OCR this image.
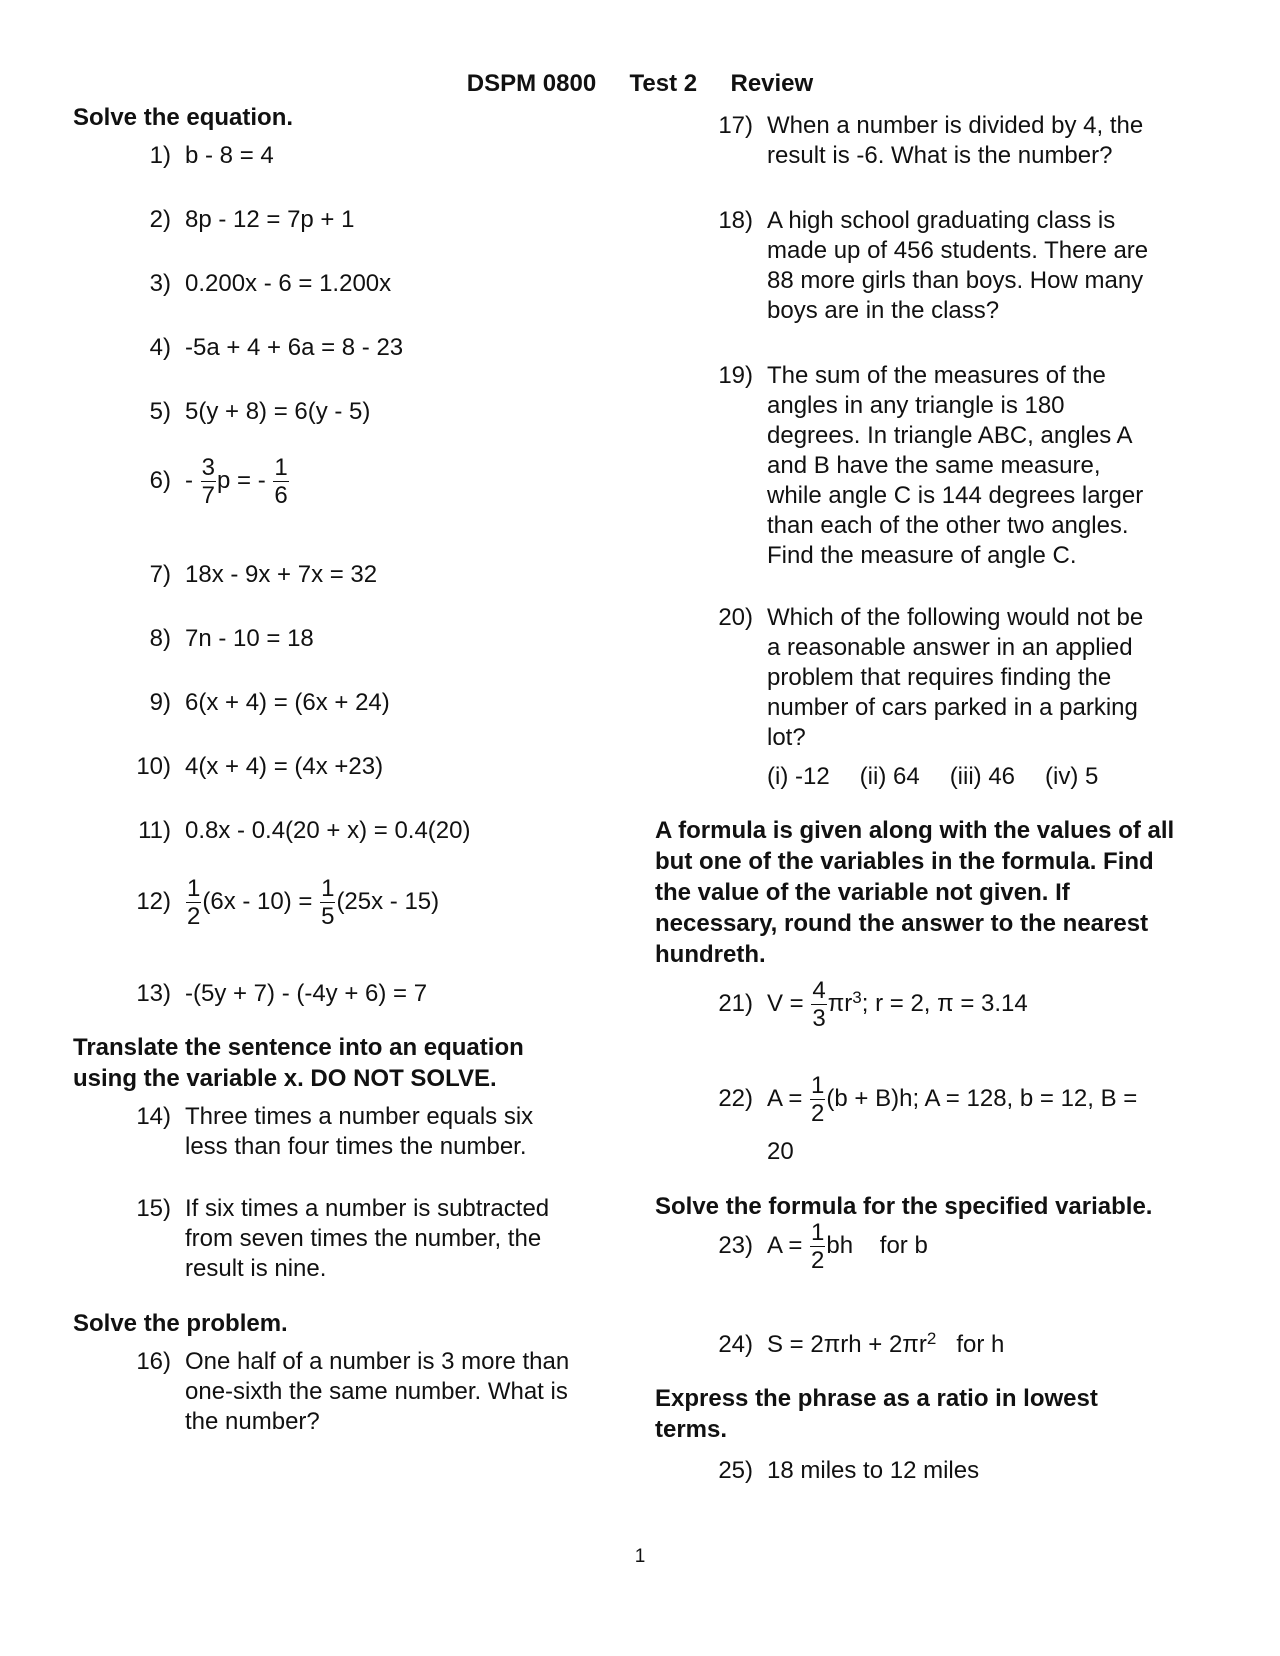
DSPM 0800 Test 2 Review
Solve the equation.
1) b - 8 = 4
2) 8p - 12 = 7p + 1
3) 0.200x - 6 = 1.200x
4) -5a + 4 + 6a = 8 - 23
5) 5(y + 8) = 6(y - 5)
$6) - \frac{3}{7}$ p = - $\frac{1}{6}$
7) 18x - 9x + 7x = 32
8) 7n - 10 = 18
9) 6(x + 4) = (6x + 24)
10) 4(x + 4) = (4x +23)
11) 0.8x - 0.4(20 + x) = 0.4(20)
$12) \frac{1}{2} (6x - 10) = \frac{1}{5} (25x - 15)$
13) -(5y + 7) - (-4y + 6) = 7
Translate the sentence into an equation
using the variable x. DO NOT SOLVE.
14) Three times a number equals six
less than four times the number.
15) If six times a number is subtracted
from seven times the number, the
result is nine.
Solve the problem.
16) One half of a number is 3 more than
one-sixth the same number. What is
the number?
17) When a number is divided by 4, the
result is -6. What is the number?
18) A high school graduating class is
made up of 456 students. There are
88 more girls than boys. How many
boys are in the class?
19) The sum of the measures of the
angles in any triangle is 180
degrees. In triangle ABC, angles A
and B have the same measure,
while angle C is 144 degrees larger
than each of the other two angles.
Find the measure of angle C.
20) Which of the following would not be
a reasonable answer in an applied
problem that requires finding the
number of cars parked in a parking
lot?
(i) -12 (ii) 64 (iii) 46 (iv) 5
A formula is given along with the values of all
but one of the variables in the formula. Find
the value of the variable not given. If
necessary, round the answer to the nearest
hundreth.
21) $V = \frac{4}{3} \pi r^3$; r = 2, π = 3.14
22) $A = \frac{1}{2} (b + B)h$; A = 128, b = 12, B =
20
Solve the formula for the specified variable.
23) $A = \frac{1}{2}$ bh for b
24) $S = 2\pi rh + 2\pi r^2$ for h
Express the phrase as a ratio in lowest
terms.
25) 18 miles to 12 miles
1
